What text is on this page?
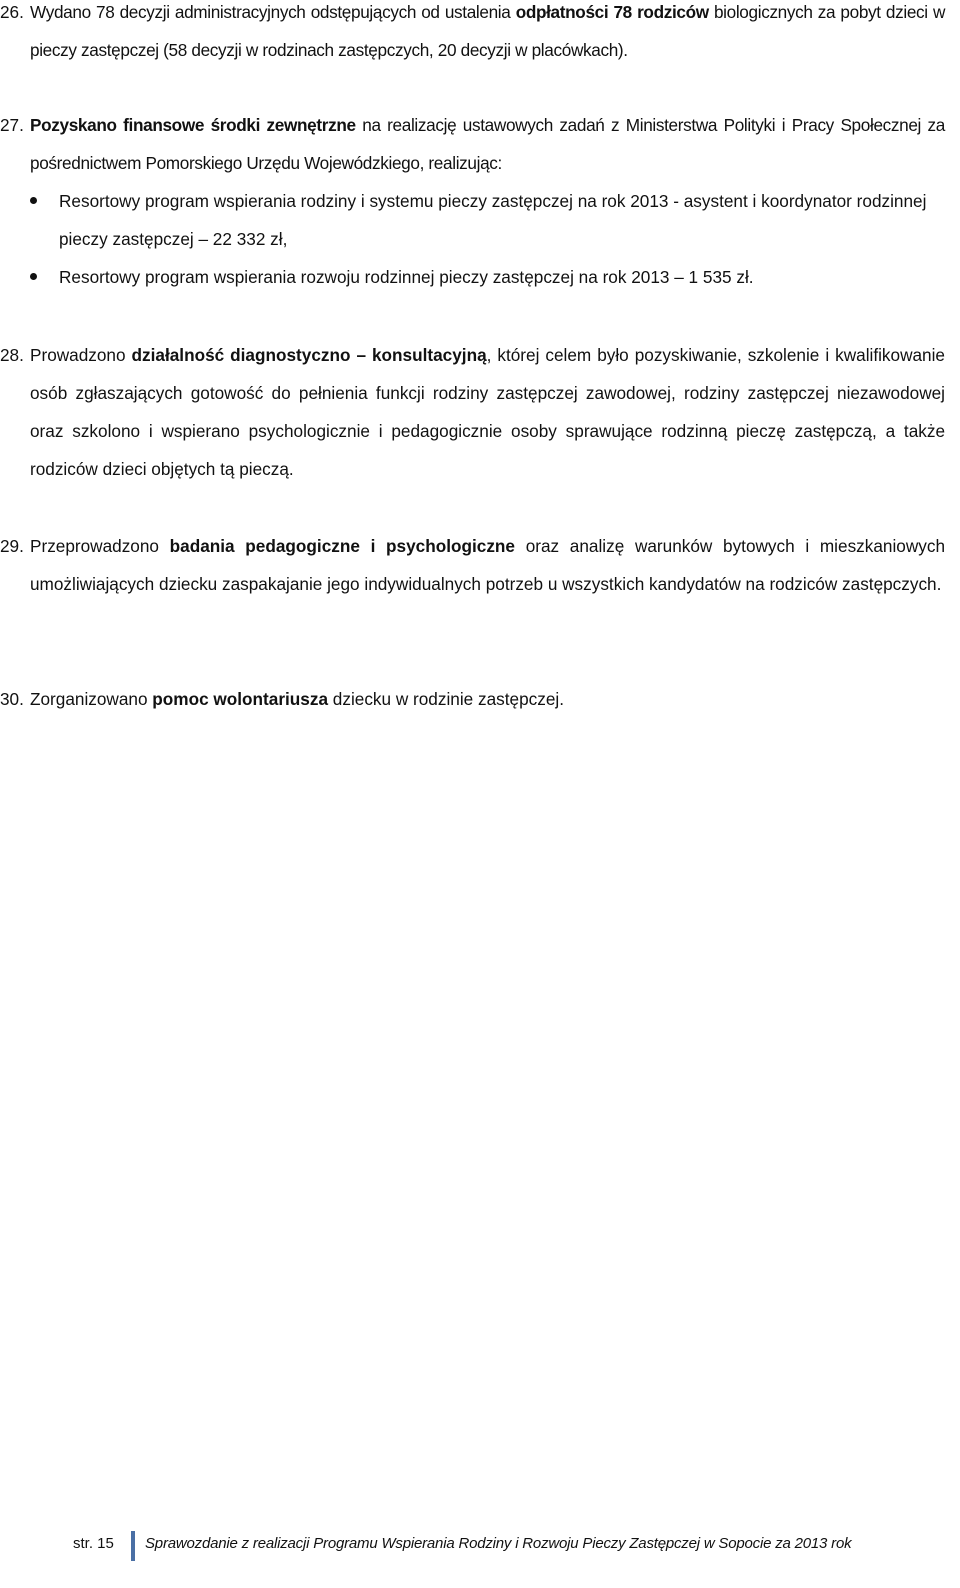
26. Wydano 78 decyzji administracyjnych odstępujących od ustalenia odpłatności 78 rodziców biologicznych za pobyt dzieci w pieczy zastępczej (58 decyzji w rodzinach zastępczych, 20 decyzji w placówkach).
27. Pozyskano finansowe środki zewnętrzne na realizację ustawowych zadań z Ministerstwa Polityki i Pracy Społecznej za pośrednictwem Pomorskiego Urzędu Wojewódzkiego, realizując:
Resortowy program wspierania rodziny i systemu pieczy zastępczej na rok 2013 - asystent i koordynator rodzinnej pieczy zastępczej – 22 332 zł,
Resortowy program wspierania rozwoju rodzinnej pieczy zastępczej na rok 2013 – 1 535 zł.
28. Prowadzono działalność diagnostyczno – konsultacyjną, której celem było pozyskiwanie, szkolenie i kwalifikowanie osób zgłaszających gotowość do pełnienia funkcji rodziny zastępczej zawodowej, rodziny zastępczej niezawodowej oraz szkolono i wspierano psychologicznie i pedagogicznie osoby sprawujące rodzinną pieczę zastępczą, a także rodziców dzieci objętych tą pieczą.
29. Przeprowadzono badania pedagogiczne i psychologiczne oraz analizę warunków bytowych i mieszkaniowych umożliwiających dziecku zaspakajanie jego indywidualnych potrzeb u wszystkich kandydatów na rodziców zastępczych.
30. Zorganizowano pomoc wolontariusza dziecku w rodzinie zastępczej.
str. 15 Sprawozdanie z realizacji Programu Wspierania Rodziny i Rozwoju Pieczy Zastępczej w Sopocie za 2013 rok
